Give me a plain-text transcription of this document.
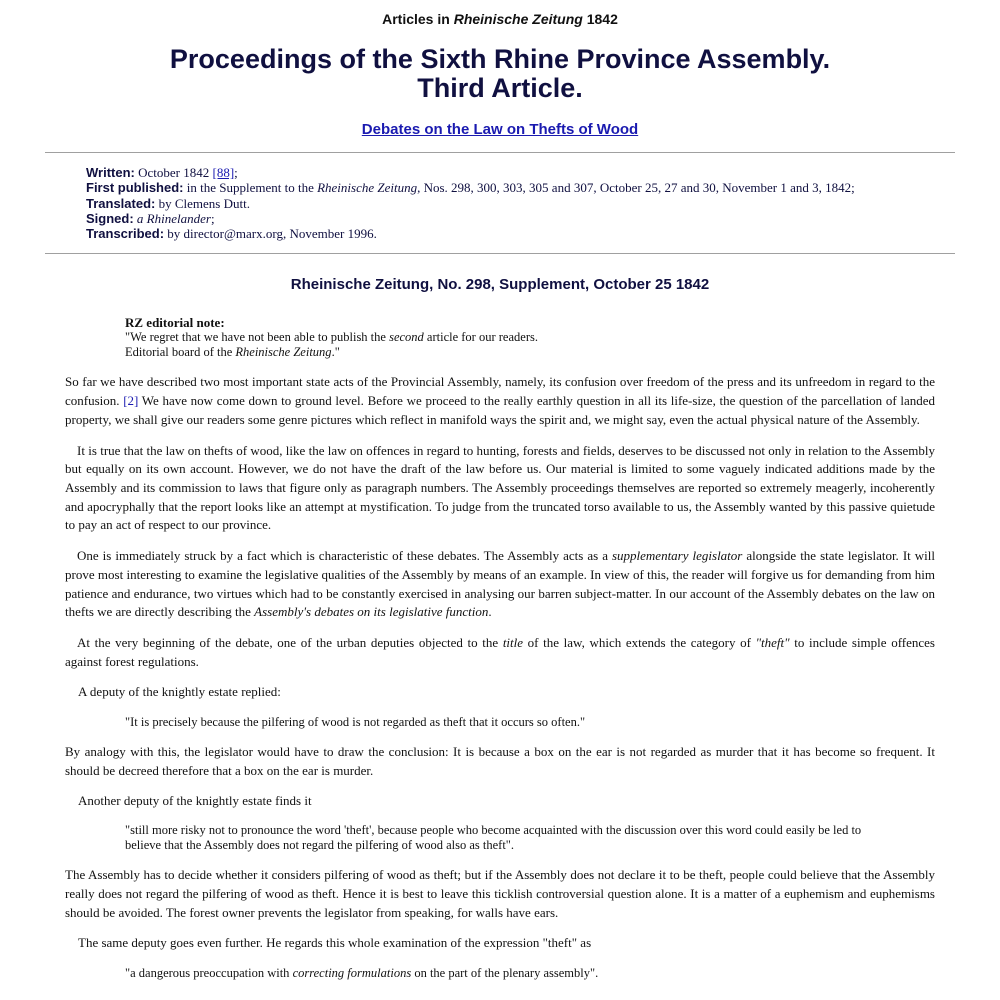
Articles in Rheinische Zeitung 1842

Proceedings of the Sixth Rhine Province Assembly.
Third Article.

Debates on the Law on Thefts of Wood

Written: October 1842 [88];
First published: in the Supplement to the Rheinische Zeitung, Nos. 298, 300, 303, 305 and 307, October 25, 27 and 30, November 1 and 3, 1842;
Translated: by Clemens Dutt.
Signed: a Rhinelander;
Transcribed: by director@marx.org, November 1996.
Rheinische Zeitung, No. 298, Supplement, October 25 1842
RZ editorial note:
"We regret that we have not been able to publish the second article for our readers.
Editorial board of the Rheinische Zeitung."

So far we have described two most important state acts of the Provincial Assembly, namely, its confusion over freedom of the press and its unfreedom in regard to the confusion. [2] We have now come down to ground level. Before we proceed to the really earthly question in all its life-size, the question of the parcellation of landed property, we shall give our readers some genre pictures which reflect in manifold ways the spirit and, we might say, even the actual physical nature of the Assembly.

It is true that the law on thefts of wood, like the law on offences in regard to hunting, forests and fields, deserves to be discussed not only in relation to the Assembly but equally on its own account. However, we do not have the draft of the law before us. Our material is limited to some vaguely indicated additions made by the Assembly and its commission to laws that figure only as paragraph numbers. The Assembly proceedings themselves are reported so extremely meagerly, incoherently and apocryphally that the report looks like an attempt at mystification. To judge from the truncated torso available to us, the Assembly wanted by this passive quietude to pay an act of respect to our province.

One is immediately struck by a fact which is characteristic of these debates. The Assembly acts as a supplementary legislator alongside the state legislator. It will prove most interesting to examine the legislative qualities of the Assembly by means of an example. In view of this, the reader will forgive us for demanding from him patience and endurance, two virtues which had to be constantly exercised in analysing our barren subject-matter. In our account of the Assembly debates on the law on thefts we are directly describing the Assembly's debates on its legislative function.

At the very beginning of the debate, one of the urban deputies objected to the title of the law, which extends the category of "theft" to include simple offences against forest regulations.

A deputy of the knightly estate replied:

"It is precisely because the pilfering of wood is not regarded as theft that it occurs so often."

By analogy with this, the legislator would have to draw the conclusion: It is because a box on the ear is not regarded as murder that it has become so frequent. It should be decreed therefore that a box on the ear is murder.

Another deputy of the knightly estate finds it

"still more risky not to pronounce the word 'theft', because people who become acquainted with the discussion over this word could easily be led to
believe that the Assembly does not regard the pilfering of wood also as theft".

The Assembly has to decide whether it considers pilfering of wood as theft; but if the Assembly does not declare it to be theft, people could believe that the Assembly really does not regard the pilfering of wood as theft. Hence it is best to leave this ticklish controversial question alone. It is a matter of a euphemism and euphemisms should be avoided. The forest owner prevents the legislator from speaking, for walls have ears.

The same deputy goes even further. He regards this whole examination of the expression "theft" as

"a dangerous preoccupation with correcting formulations on the part of the plenary assembly".
